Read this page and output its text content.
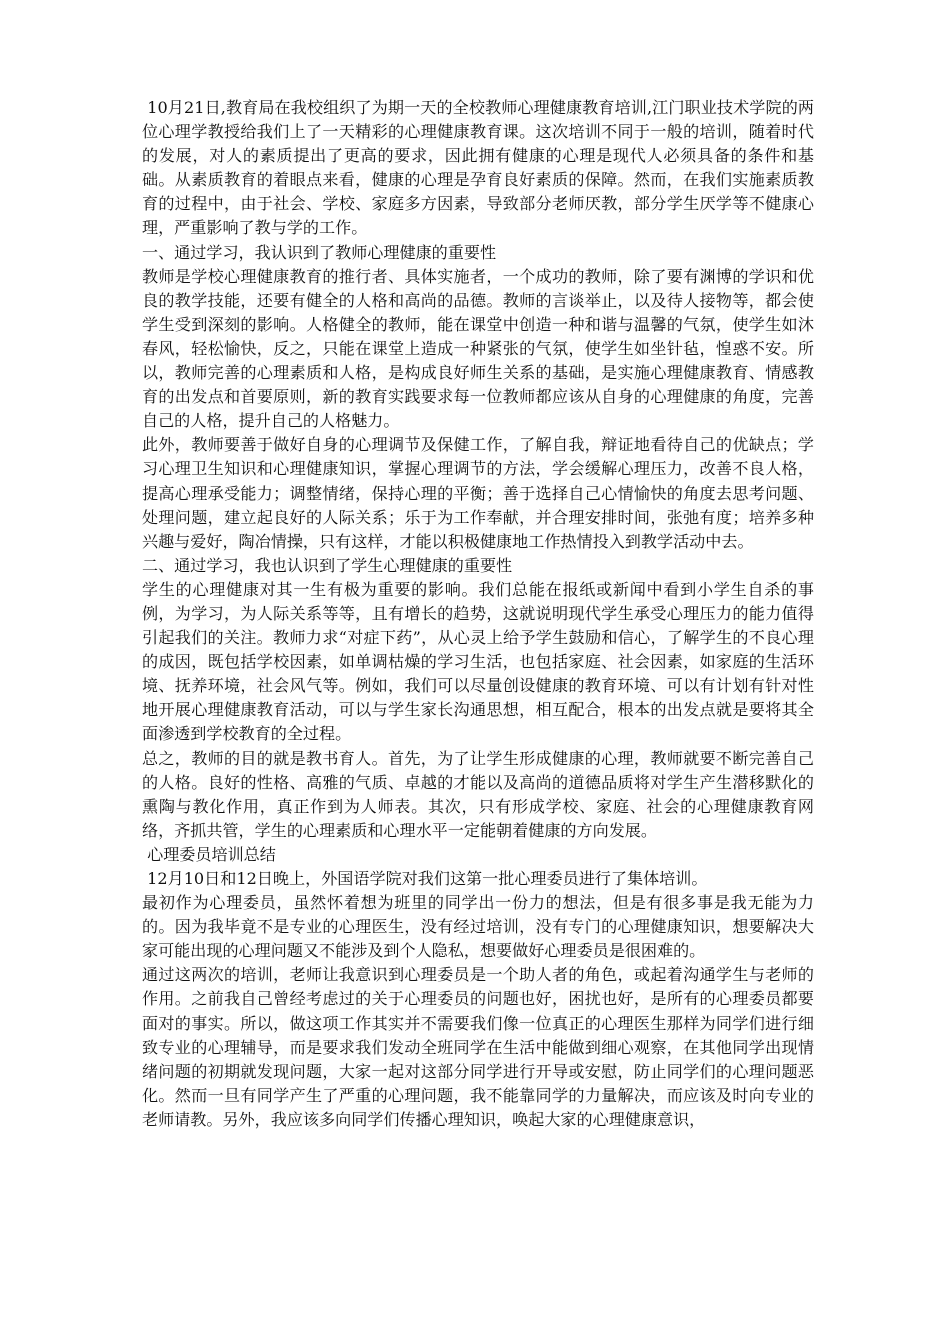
10月21日,教育局在我校组织了为期一天的全校教师心理健康教育培训,江门职业技术学院的两位心理学教授给我们上了一天精彩的心理健康教育课。这次培训不同于一般的培训，随着时代的发展，对人的素质提出了更高的要求，因此拥有健康的心理是现代人必须具备的条件和基础。从素质教育的着眼点来看，健康的心理是孕育良好素质的保障。然而，在我们实施素质教育的过程中，由于社会、学校、家庭多方因素，导致部分老师厌教，部分学生厌学等不健康心理，严重影响了教与学的工作。

一、通过学习，我认识到了教师心理健康的重要性

教师是学校心理健康教育的推行者、具体实施者，一个成功的教师，除了要有渊博的学识和优良的教学技能，还要有健全的人格和高尚的品德。教师的言谈举止，以及待人接物等，都会使学生受到深刻的影响。人格健全的教师，能在课堂中创造一种和谐与温馨的气氛，使学生如沐春风，轻松愉快，反之，只能在课堂上造成一种紧张的气氛，使学生如坐针毡，惶惑不安。所以，教师完善的心理素质和人格，是构成良好师生关系的基础，是实施心理健康教育、情感教育的出发点和首要原则，新的教育实践要求每一位教师都应该从自身的心理健康的角度，完善自己的人格，提升自己的人格魅力。

此外，教师要善于做好自身的心理调节及保健工作，了解自我，辩证地看待自己的优缺点；学习心理卫生知识和心理健康知识，掌握心理调节的方法，学会缓解心理压力，改善不良人格，提高心理承受能力；调整情绪，保持心理的平衡；善于选择自己心情愉快的角度去思考问题、处理问题，建立起良好的人际关系；乐于为工作奉献，并合理安排时间，张弛有度；培养多种兴趣与爱好，陶冶情操，只有这样，才能以积极健康地工作热情投入到教学活动中去。

二、通过学习，我也认识到了学生心理健康的重要性

学生的心理健康对其一生有极为重要的影响。我们总能在报纸或新闻中看到小学生自杀的事例，为学习，为人际关系等等，且有增长的趋势，这就说明现代学生承受心理压力的能力值得引起我们的关注。教师力求“对症下药”，从心灵上给予学生鼓励和信心，了解学生的不良心理的成因，既包括学校因素，如单调枯燥的学习生活，也包括家庭、社会因素，如家庭的生活环境、抚养环境，社会风气等。例如，我们可以尽量创设健康的教育环境、可以有计划有针对性地开展心理健康教育活动，可以与学生家长沟通思想，相互配合，根本的出发点就是要将其全面渗透到学校教育的全过程。

总之，教师的目的就是教书育人。首先，为了让学生形成健康的心理，教师就要不断完善自己的人格。良好的性格、高雅的气质、卓越的才能以及高尚的道德品质将对学生产生潜移默化的熏陶与教化作用，真正作到为人师表。其次，只有形成学校、家庭、社会的心理健康教育网络，齐抓共管，学生的心理素质和心理水平一定能朝着健康的方向发展。

心理委员培训总结

12月10日和12日晚上，外国语学院对我们这第一批心理委员进行了集体培训。

最初作为心理委员，虽然怀着想为班里的同学出一份力的想法，但是有很多事是我无能为力的。因为我毕竟不是专业的心理医生，没有经过培训，没有专门的心理健康知识，想要解决大家可能出现的心理问题又不能涉及到个人隐私，想要做好心理委员是很困难的。

通过这两次的培训，老师让我意识到心理委员是一个助人者的角色，或起着沟通学生与老师的作用。之前我自己曾经考虑过的关于心理委员的问题也好，困扰也好，是所有的心理委员都要面对的事实。所以，做这项工作其实并不需要我们像一位真正的心理医生那样为同学们进行细致专业的心理辅导，而是要求我们发动全班同学在生活中能做到细心观察，在其他同学出现情绪问题的初期就发现问题，大家一起对这部分同学进行开导或安慰，防止同学们的心理问题恶化。然而一旦有同学产生了严重的心理问题，我不能靠同学的力量解决，而应该及时向专业的老师请教。另外，我应该多向同学们传播心理知识，唤起大家的心理健康意识，
